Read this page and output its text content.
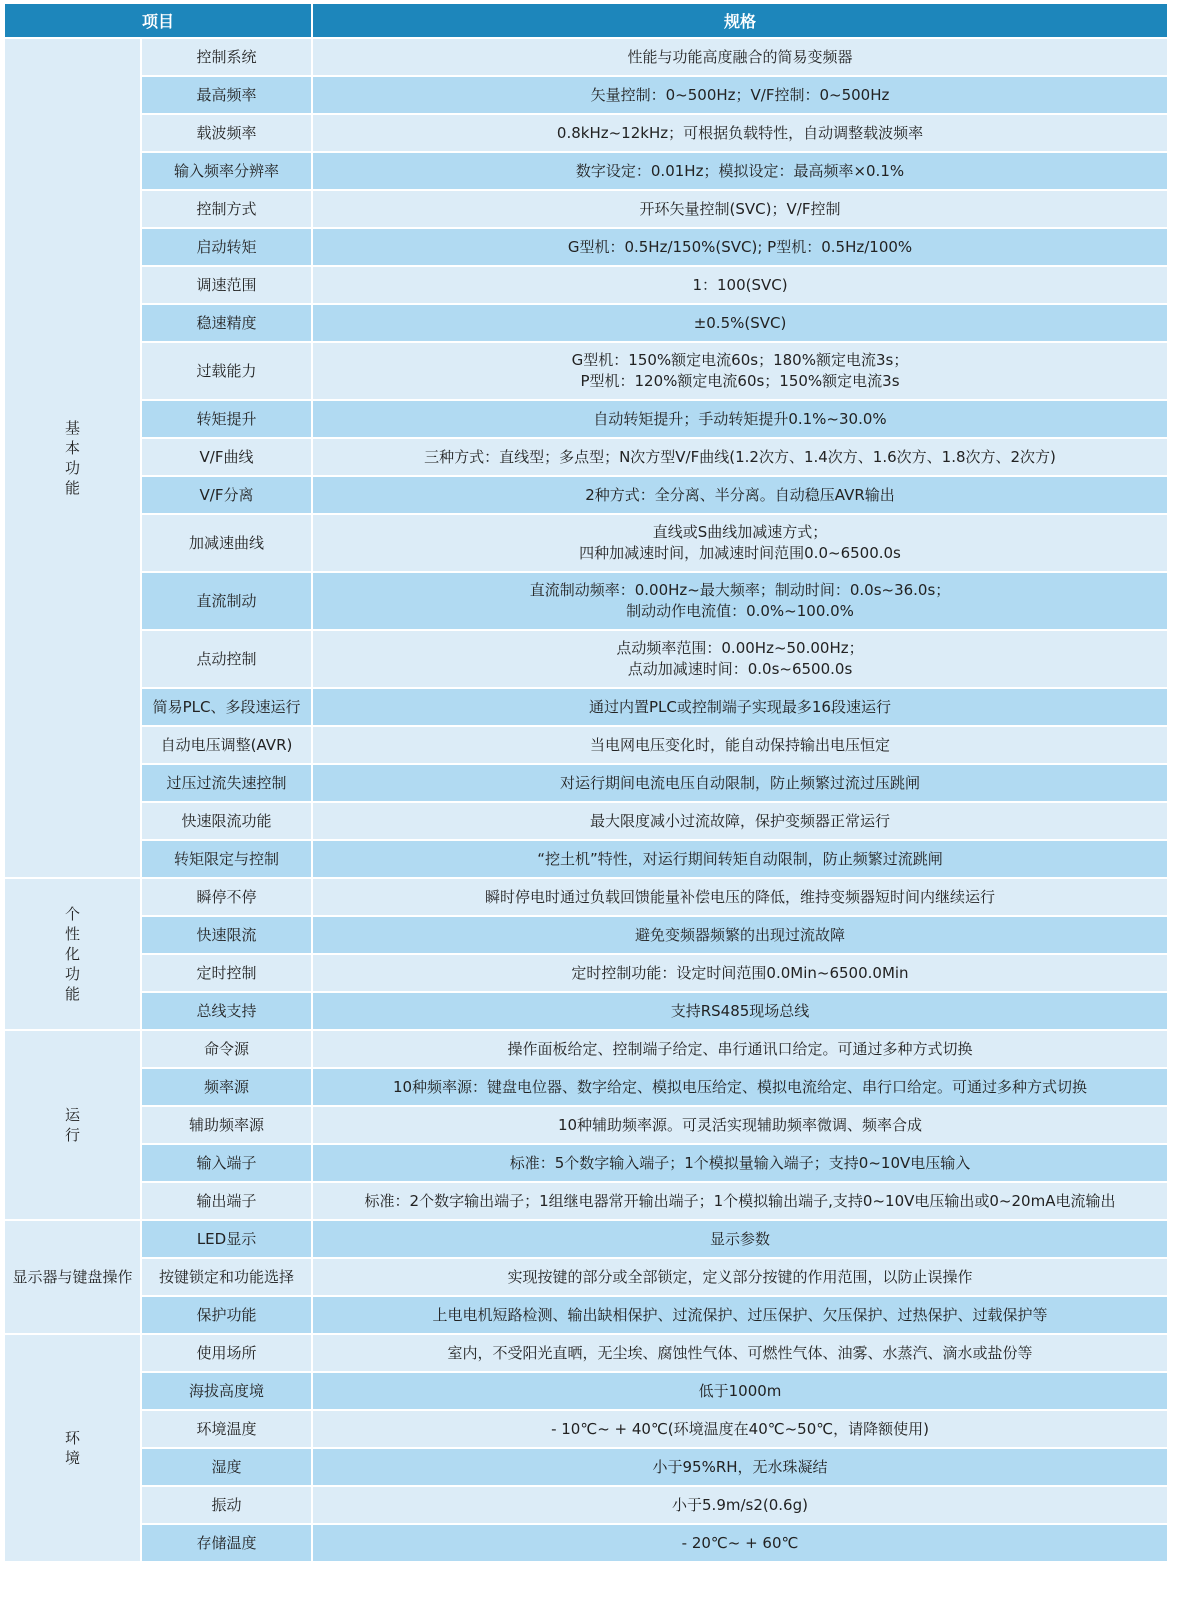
项目		规格

基
本
功
能	控制系统	性能与功能高度融合的简易变频器

	最高频率	矢量控制：0~500Hz；V/F控制：0~500Hz

	载波频率	0.8kHz~12kHz；可根据负载特性，自动调整载波频率

	输入频率分辨率	数字设定：0.01Hz；模拟设定：最高频率×0.1%

	控制方式	开环矢量控制(SVC)；V/F控制

	启动转矩	G型机：0.5Hz/150%(SVC); P型机：0.5Hz/100%

	调速范围	1：100(SVC)

	稳速精度	±0.5%(SVC)

	过载能力	G型机：150%额定电流60s；180%额定电流3s；
P型机：120%额定电流60s；150%额定电流3s

	转矩提升	自动转矩提升；手动转矩提升0.1%~30.0%

	V/F曲线	三种方式：直线型；多点型；N次方型V/F曲线(1.2次方、1.4次方、1.6次方、1.8次方、2次方)

	V/F分离	2种方式：全分离、半分离。自动稳压AVR输出

	加减速曲线	直线或S曲线加减速方式；
四种加减速时间，加减速时间范围0.0~6500.0s

	直流制动	直流制动频率：0.00Hz~最大频率；制动时间：0.0s~36.0s；
制动动作电流值：0.0%~100.0%

	点动控制	点动频率范围：0.00Hz~50.00Hz；
点动加减速时间：0.0s~6500.0s

	简易PLC、多段速运行	通过内置PLC或控制端子实现最多16段速运行

	自动电压调整(AVR)	当电网电压变化时，能自动保持输出电压恒定

	过压过流失速控制	对运行期间电流电压自动限制，防止频繁过流过压跳闸

	快速限流功能	最大限度减小过流故障，保护变频器正常运行

	转矩限定与控制	“挖土机”特性，对运行期间转矩自动限制，防止频繁过流跳闸

个
性
化
功
能	瞬停不停	瞬时停电时通过负载回馈能量补偿电压的降低，维持变频器短时间内继续运行

	快速限流	避免变频器频繁的出现过流故障

	定时控制	定时控制功能：设定时间范围0.0Min~6500.0Min

	总线支持	支持RS485现场总线

运
行	命令源	操作面板给定、控制端子给定、串行通讯口给定。可通过多种方式切换

	频率源	10种频率源：键盘电位器、数字给定、模拟电压给定、模拟电流给定、串行口给定。可通过多种方式切换

	辅助频率源	10种辅助频率源。可灵活实现辅助频率微调、频率合成

	输入端子	标准：5个数字输入端子；1个模拟量输入端子；支持0~10V电压输入

	输出端子	标准：2个数字输出端子；1组继电器常开输出端子；1个模拟输出端子,支持0~10V电压输出或0~20mA电流输出

显示器与键盘操作	LED显示	显示参数

	按键锁定和功能选择	实现按键的部分或全部锁定，定义部分按键的作用范围，以防止误操作

	保护功能	上电电机短路检测、输出缺相保护、过流保护、过压保护、欠压保护、过热保护、过载保护等

环
境	使用场所	室内，不受阳光直晒，无尘埃、腐蚀性气体、可燃性气体、油雾、水蒸汽、滴水或盐份等

	海拔高度境	低于1000m

	环境温度	- 10℃~ + 40℃(环境温度在40℃~50℃，请降额使用)

	湿度	小于95%RH，无水珠凝结

	振动	小于5.9m/s2(0.6g)

	存储温度	- 20℃~ + 60℃
